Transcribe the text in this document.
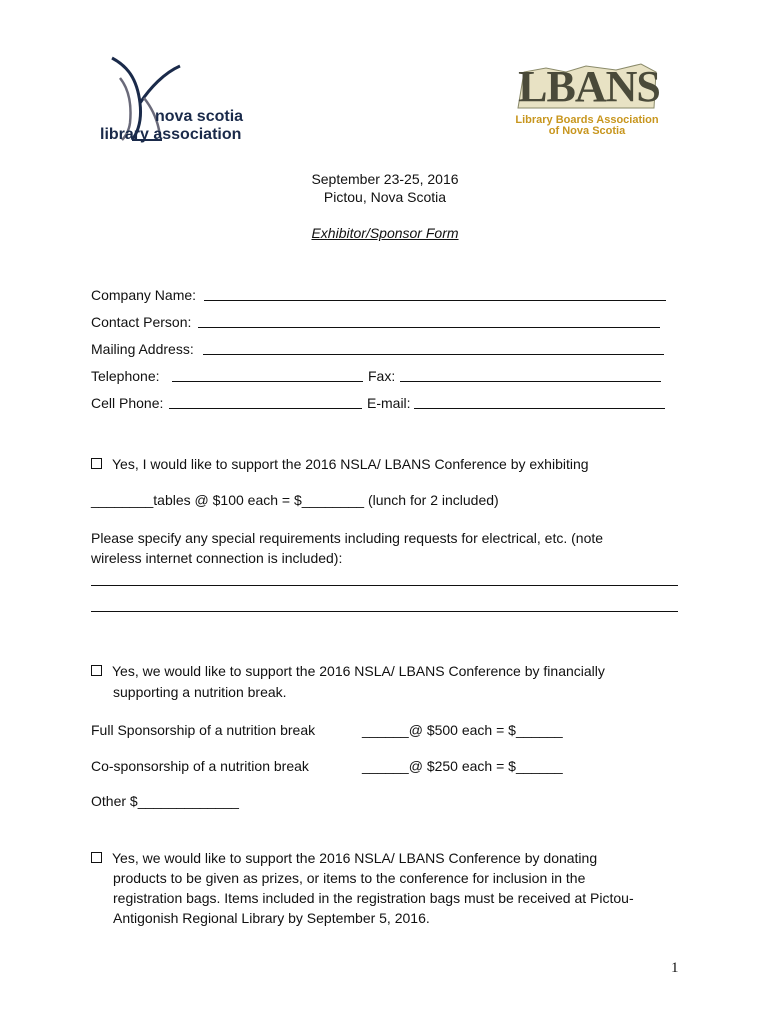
nova scotia
library association
LBANS
Library Boards Association
of Nova Scotia
September 23-25, 2016
Pictou, Nova Scotia
Exhibitor/Sponsor Form
Company Name:
Contact Person:
Mailing Address:
Telephone:	Fax:
Cell Phone:	E-mail:
Yes, I would like to support the 2016 NSLA/ LBANS Conference by exhibiting
________tables @ $100 each = $________ (lunch for 2 included)
Please specify any special requirements including requests for electrical, etc. (note
wireless internet connection is included):
Yes, we would like to support the 2016 NSLA/ LBANS Conference by financially
supporting a nutrition break.
Full Sponsorship of a nutrition break	______@ $500 each = $______
Co-sponsorship of a nutrition break	______@ $250 each = $______
Other $_____________
Yes, we would like to support the 2016 NSLA/ LBANS Conference by donating
products to be given as prizes, or items to the conference for inclusion in the
registration bags. Items included in the registration bags must be received at Pictou-
Antigonish Regional Library by September 5, 2016.
1
